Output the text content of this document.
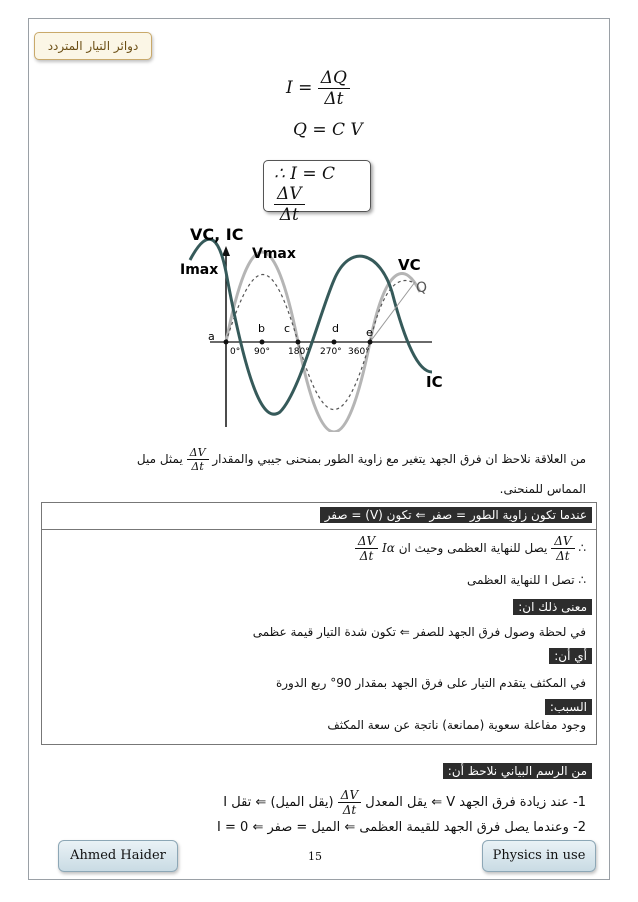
دوائر التيار المتردد
$I = \frac{\Delta Q}{\Delta t}$
Q = C V
∴ I = C
$\frac{\Delta V}{\Delta t}$
VC, IC
Imax
Vmax
VC
Q
IC
a
b c	d e
0° 90° 180° 270° 360°
من العلاقة نلاحظ ان فرق الجهد يتغير مع زاوية الطور بمنحنى جيبي والمقدار
$\frac{\Delta V}{\Delta t}$
يمثل ميل
المماس للمنحنى.
عندما تكون زاوية الطور = صفر ⇐ تكون (V) = صفر
∴
$\frac{\Delta V}{\Delta t}$
يصل للنهاية العظمى وحيث ان Iα
$\frac{\Delta V}{\Delta t}$
∴ تصل I للنهاية العظمى
معنى ذلك ان:
في لحظة وصول فرق الجهد للصفر ⇐ تكون شدة التيار قيمة عظمى
أي أن:
في المكثف يتقدم التيار على فرق الجهد بمقدار 90° ربع الدورة
السبب:
وجود مفاعلة سعوية (ممانعة) ناتجة عن سعة المكثف
من الرسم البياني نلاحظ أن:
1- عند زيادة فرق الجهد V ⇐ يقل المعدل
$\frac{\Delta V}{\Delta t}$
(يقل الميل) ⇐ تقل I
2- وعندما يصل فرق الجهد للقيمة العظمى ⇐ الميل = صفر ⇐ I = 0
Ahmed Haider	15	Physics in use
